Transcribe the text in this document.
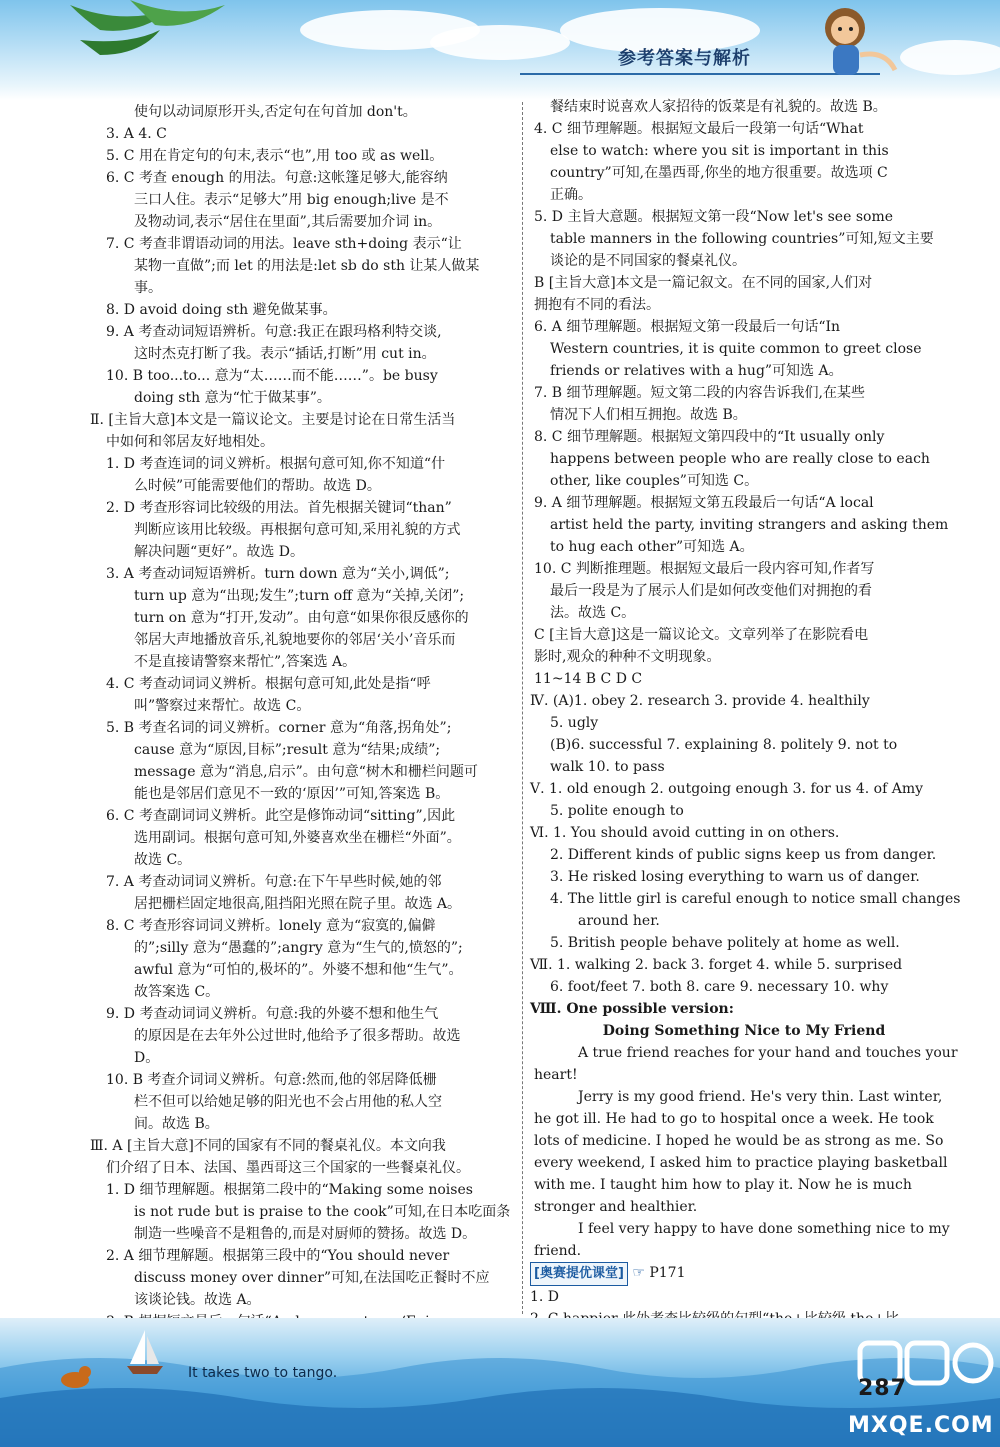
参考答案与解析
使句以动词原形开头,否定句在句首加 don't。
3. A 4. C
5. C 用在肯定句的句末,表示“也”,用 too 或 as well。
6. C 考查 enough 的用法。句意:这帐篷足够大,能容纳
三口人住。表示“足够大”用 big enough;live 是不
及物动词,表示“居住在里面”,其后需要加介词 in。
7. C 考查非谓语动词的用法。leave sth+doing 表示“让
某物一直做”;而 let 的用法是:let sb do sth 让某人做某
事。
8. D avoid doing sth 避免做某事。
9. A 考查动词短语辨析。句意:我正在跟玛格利特交谈,
这时杰克打断了我。表示“插话,打断”用 cut in。
10. B too...to... 意为“太……而不能……”。be busy
doing sth 意为“忙于做某事”。
Ⅱ. [主旨大意]本文是一篇议论文。主要是讨论在日常生活当
中如何和邻居友好地相处。
1. D 考查连词的词义辨析。根据句意可知,你不知道“什
么时候”可能需要他们的帮助。故选 D。
2. D 考查形容词比较级的用法。首先根据关键词“than”
判断应该用比较级。再根据句意可知,采用礼貌的方式
解决问题“更好”。故选 D。
3. A 考查动词短语辨析。turn down 意为“关小,调低”;
turn up 意为“出现;发生”;turn off 意为“关掉,关闭”;
turn on 意为“打开,发动”。由句意“如果你很反感你的
邻居大声地播放音乐,礼貌地要你的邻居‘关小’音乐而
不是直接请警察来帮忙”,答案选 A。
4. C 考查动词词义辨析。根据句意可知,此处是指“呼
叫”警察过来帮忙。故选 C。
5. B 考查名词的词义辨析。corner 意为“角落,拐角处”;
cause 意为“原因,目标”;result 意为“结果;成绩”;
message 意为“消息,启示”。由句意“树木和栅栏问题可
能也是邻居们意见不一致的‘原因’”可知,答案选 B。
6. C 考查副词词义辨析。此空是修饰动词“sitting”,因此
选用副词。根据句意可知,外婆喜欢坐在栅栏“外面”。
故选 C。
7. A 考查动词词义辨析。句意:在下午早些时候,她的邻
居把栅栏固定地很高,阻挡阳光照在院子里。故选 A。
8. C 考查形容词词义辨析。lonely 意为“寂寞的,偏僻
的”;silly 意为“愚蠢的”;angry 意为“生气的,愤怒的”;
awful 意为“可怕的,极坏的”。外婆不想和他“生气”。
故答案选 C。
9. D 考查动词词义辨析。句意:我的外婆不想和他生气
的原因是在去年外公过世时,他给予了很多帮助。故选
D。
10. B 考查介词词义辨析。句意:然而,他的邻居降低栅
栏不但可以给她足够的阳光也不会占用他的私人空
间。故选 B。
Ⅲ. A [主旨大意]不同的国家有不同的餐桌礼仪。本文向我
们介绍了日本、法国、墨西哥这三个国家的一些餐桌礼仪。
1. D 细节理解题。根据第二段中的“Making some noises
is not rude but is praise to the cook”可知,在日本吃面条
制造一些噪音不是粗鲁的,而是对厨师的赞扬。故选 D。
2. A 细节理解题。根据第三段中的“You should never
discuss money over dinner”可知,在法国吃正餐时不应
该谈论钱。故选 A。
餐结束时说喜欢人家招待的饭菜是有礼貌的。故选 B。
4. C 细节理解题。根据短文最后一段第一句话“What
else to watch: where you sit is important in this
country”可知,在墨西哥,你坐的地方很重要。故选项 C
正确。
5. D 主旨大意题。根据短文第一段“Now let's see some
table manners in the following countries”可知,短文主要
谈论的是不同国家的餐桌礼仪。
B [主旨大意]本文是一篇记叙文。在不同的国家,人们对
拥抱有不同的看法。
6. A 细节理解题。根据短文第一段最后一句话“In
Western countries, it is quite common to greet close
friends or relatives with a hug”可知选 A。
7. B 细节理解题。短文第二段的内容告诉我们,在某些
情况下人们相互拥抱。故选 B。
8. C 细节理解题。根据短文第四段中的“It usually only
happens between people who are really close to each
other, like couples”可知选 C。
9. A 细节理解题。根据短文第五段最后一句话“A local
artist held the party, inviting strangers and asking them
to hug each other”可知选 A。
10. C 判断推理题。根据短文最后一段内容可知,作者写
最后一段是为了展示人们是如何改变他们对拥抱的看
法。故选 C。
C [主旨大意]这是一篇议论文。文章列举了在影院看电
影时,观众的种种不文明现象。
11~14 B C D C
Ⅳ. (A)1. obey 2. research 3. provide 4. healthily
5. ugly
(B)6. successful 7. explaining 8. politely 9. not to
walk 10. to pass
Ⅴ. 1. old enough 2. outgoing enough 3. for us 4. of Amy
5. polite enough to
Ⅵ. 1. You should avoid cutting in on others.
2. Different kinds of public signs keep us from danger.
3. He risked losing everything to warn us of danger.
4. The little girl is careful enough to notice small changes
around her.
5. British people behave politely at home as well.
Ⅶ. 1. walking 2. back 3. forget 4. while 5. surprised
6. foot/feet 7. both 8. care 9. necessary 10. why
Ⅷ. One possible version:
Doing Something Nice to My Friend
A true friend reaches for your hand and touches your
heart!
Jerry is my good friend. He's very thin. Last winter,
he got ill. He had to go to hospital once a week. He took
lots of medicine. I hoped he would be as strong as me. So
every weekend, I asked him to practice playing basketball
with me. I taught him how to play it. Now he is much
stronger and healthier.
I feel very happy to have done something nice to my
friend.
[奥赛提优课堂] ☞ P171
1. D
It takes two to tango.
287
MXQE.COM
